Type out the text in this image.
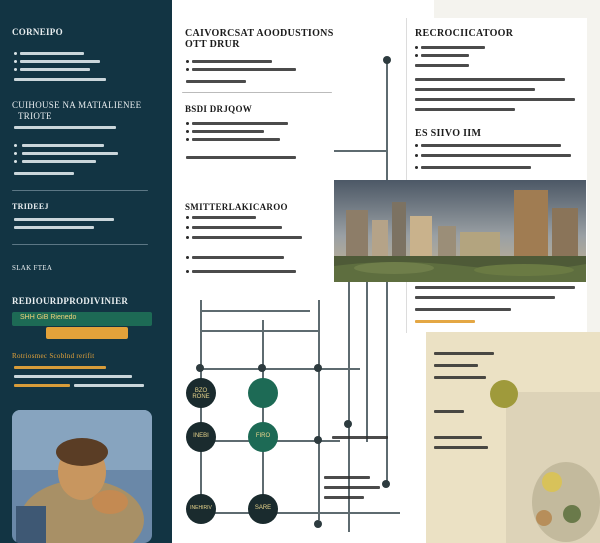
CORNEIPO
CUIHOUSE NA MATIALIENEE
TRIOTE
TRIDEEJ
SLAK FTEA
REDIOURDPRODIVINIER
SHH GiB Rienedo
Rotriosmec Scoblnd rerifit
CAIVORCSAT AOODUSTIONS
OTT DRUR
BSDI DRJQOW
SMITTERLAKICAROO
RECROCIICATOOR
ES SIIVO IIM
BZO RONE
INEBI	FIRO
INEHIRIV	SARE
